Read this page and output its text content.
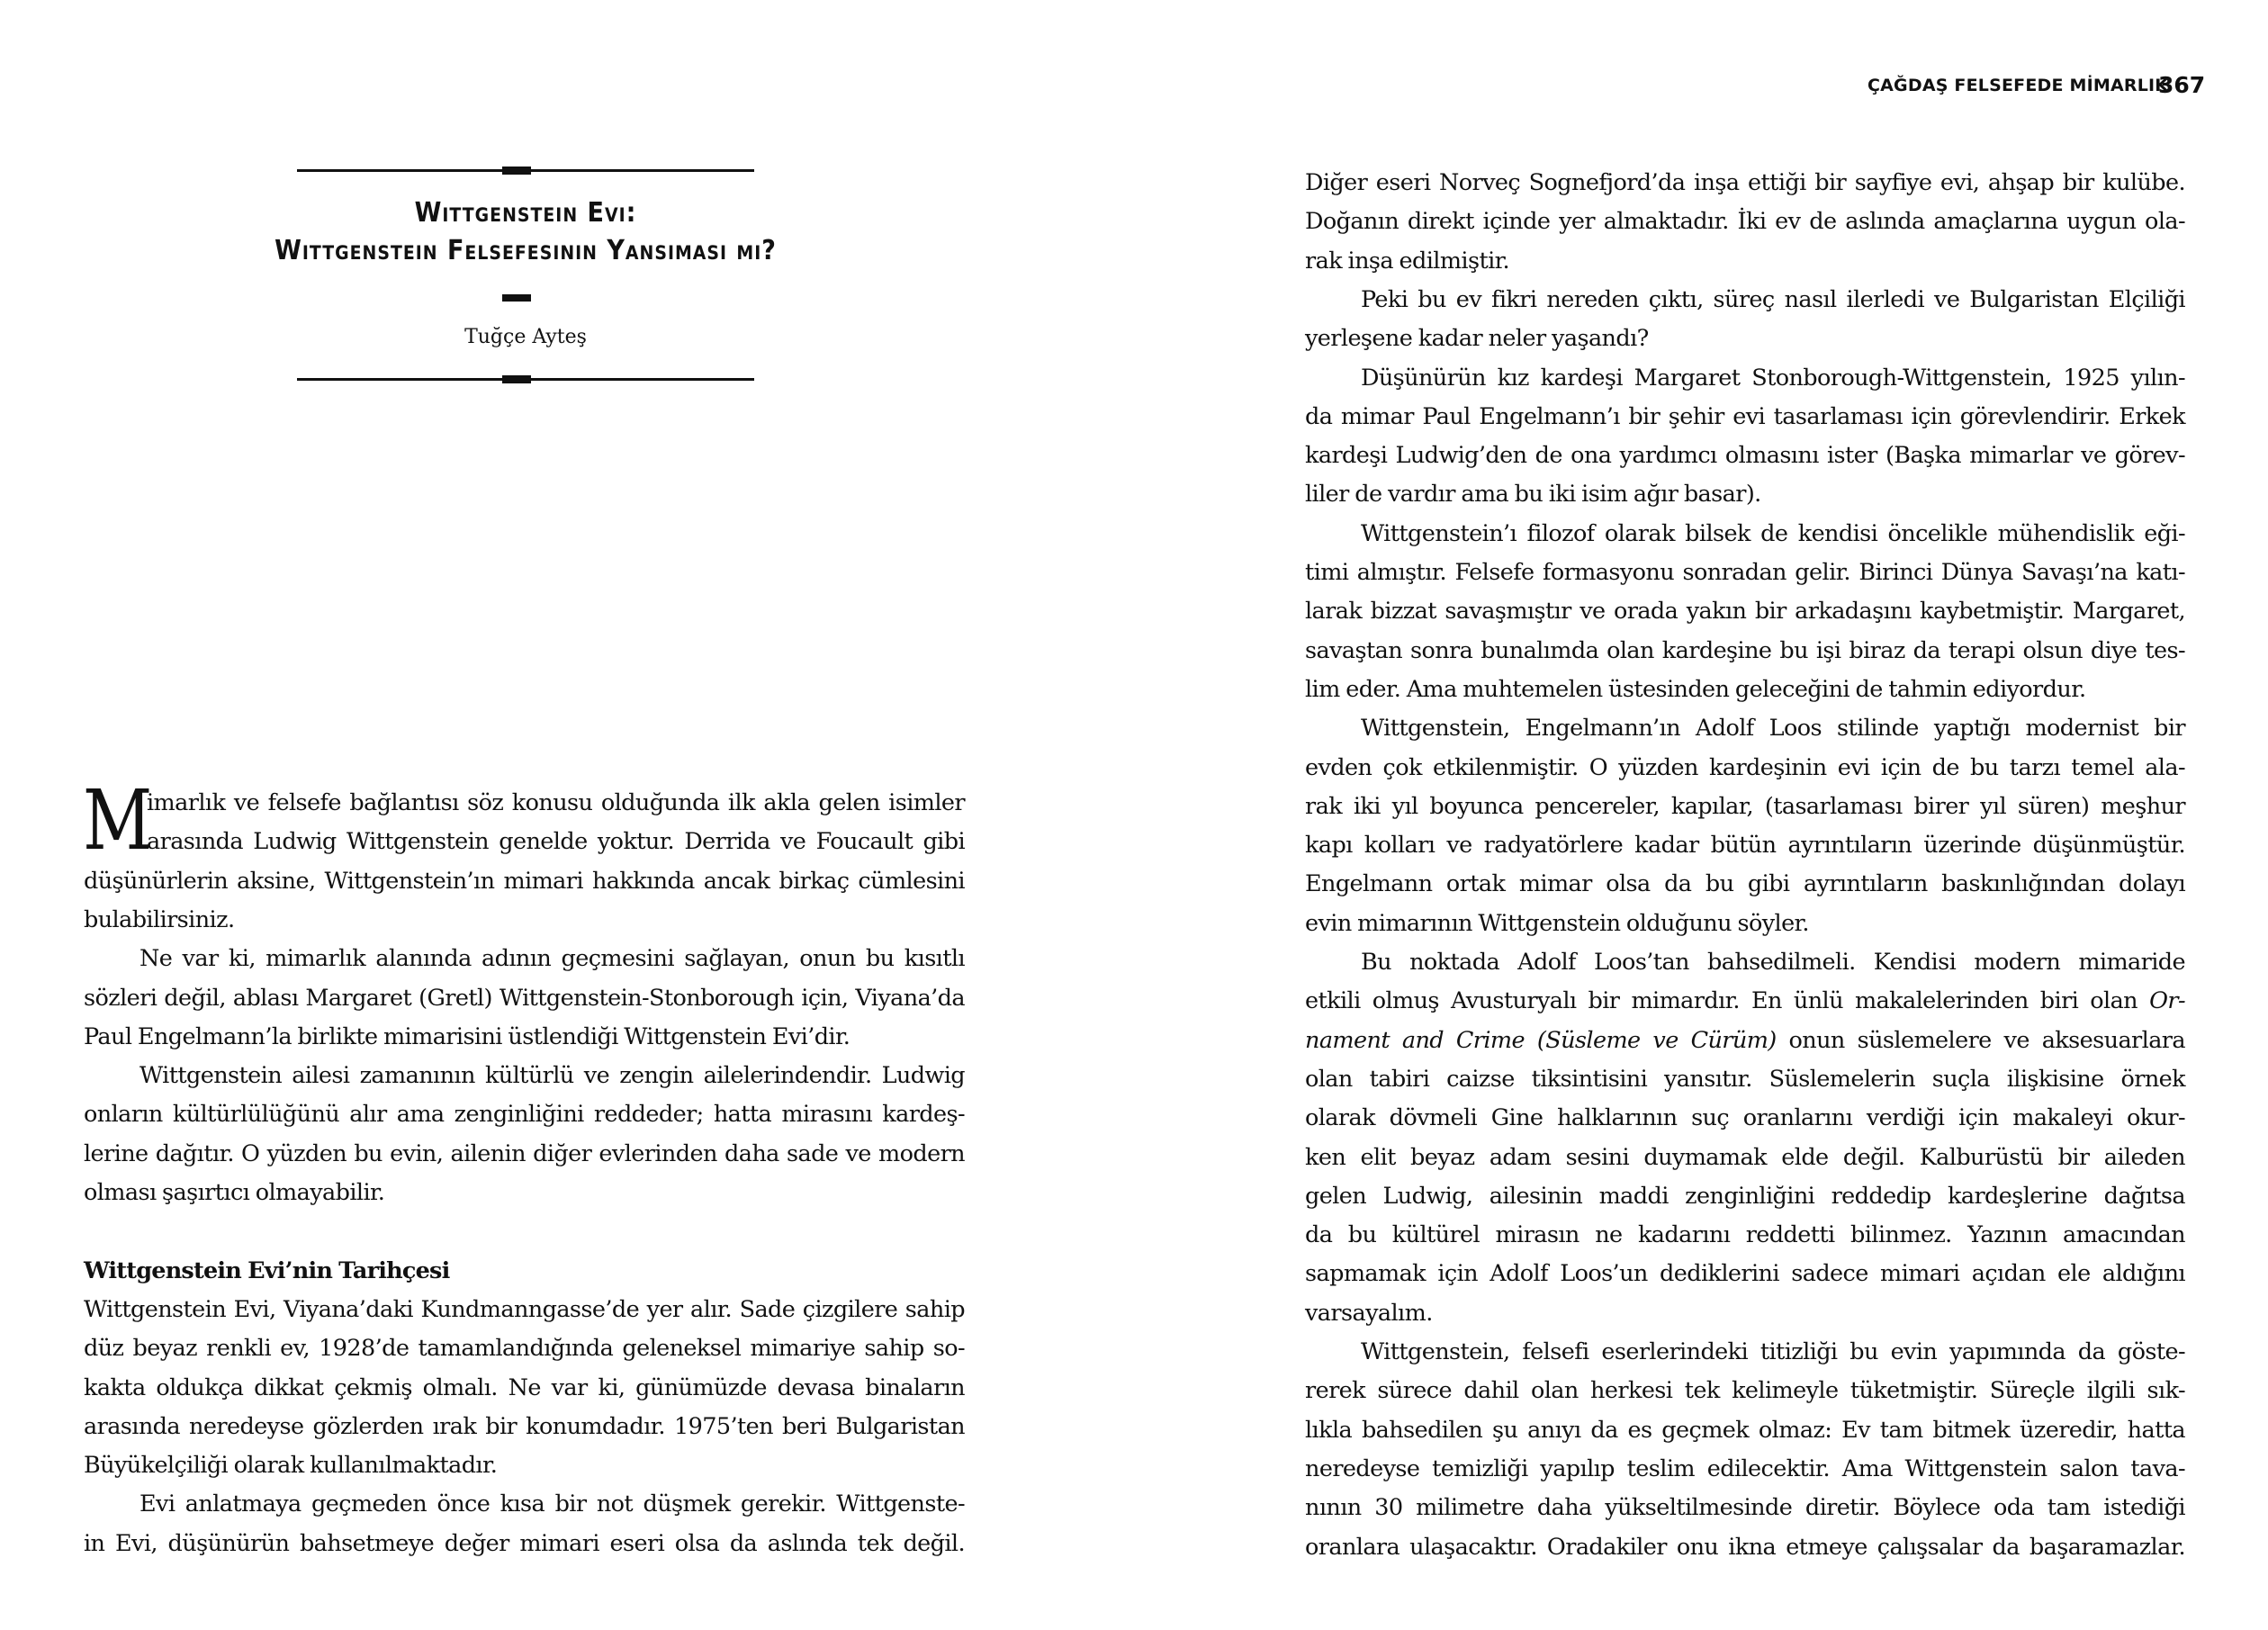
Wittgenstein Evi:
Wittgenstein Felsefesinin Yansıması mı?
Tuğçe Ayteş
M
imarlık ve felsefe bağlantısı söz konusu olduğunda ilk akla gelen isimler
arasında Ludwig Wittgenstein genelde yoktur. Derrida ve Foucault gibi
düşünürlerin aksine, Wittgenstein’ın mimari hakkında ancak birkaç cümlesini
bulabilirsiniz.
Ne var ki, mimarlık alanında adının geçmesini sağlayan, onun bu kısıtlı
sözleri değil, ablası Margaret (Gretl) Wittgenstein-Stonborough için, Viyana’da
Paul Engelmann’la birlikte mimarisini üstlendiği Wittgenstein Evi’dir.
Wittgenstein ailesi zamanının kültürlü ve zengin ailelerindendir. Ludwig
onların kültürlülüğünü alır ama zenginliğini reddeder; hatta mirasını kardeş-
lerine dağıtır. O yüzden bu evin, ailenin diğer evlerinden daha sade ve modern
olması şaşırtıcı olmayabilir.
Wittgenstein Evi’nin Tarihçesi
Wittgenstein Evi, Viyana’daki Kundmanngasse’de yer alır. Sade çizgilere sahip
düz beyaz renkli ev, 1928’de tamamlandığında geleneksel mimariye sahip so-
kakta oldukça dikkat çekmiş olmalı. Ne var ki, günümüzde devasa binaların
arasında neredeyse gözlerden ırak bir konumdadır. 1975’ten beri Bulgaristan
Büyükelçiliği olarak kullanılmaktadır.
Evi anlatmaya geçmeden önce kısa bir not düşmek gerekir. Wittgenste-
in Evi, düşünürün bahsetmeye değer mimari eseri olsa da aslında tek değil.
ÇAĞDAŞ FELSEFEDE MİMARLIK
367
Diğer eseri Norveç Sognefjord’da inşa ettiği bir sayfiye evi, ahşap bir kulübe.
Doğanın direkt içinde yer almaktadır. İki ev de aslında amaçlarına uygun ola-
rak inşa edilmiştir.
Peki bu ev fikri nereden çıktı, süreç nasıl ilerledi ve Bulgaristan Elçiliği
yerleşene kadar neler yaşandı?
Düşünürün kız kardeşi Margaret Stonborough-Wittgenstein, 1925 yılın-
da mimar Paul Engelmann’ı bir şehir evi tasarlaması için görevlendirir. Erkek
kardeşi Ludwig’den de ona yardımcı olmasını ister (Başka mimarlar ve görev-
liler de vardır ama bu iki isim ağır basar).
Wittgenstein’ı filozof olarak bilsek de kendisi öncelikle mühendislik eği-
timi almıştır. Felsefe formasyonu sonradan gelir. Birinci Dünya Savaşı’na katı-
larak bizzat savaşmıştır ve orada yakın bir arkadaşını kaybetmiştir. Margaret,
savaştan sonra bunalımda olan kardeşine bu işi biraz da terapi olsun diye tes-
lim eder. Ama muhtemelen üstesinden geleceğini de tahmin ediyordur.
Wittgenstein, Engelmann’ın Adolf Loos stilinde yaptığı modernist bir
evden çok etkilenmiştir. O yüzden kardeşinin evi için de bu tarzı temel ala-
rak iki yıl boyunca pencereler, kapılar, (tasarlaması birer yıl süren) meşhur
kapı kolları ve radyatörlere kadar bütün ayrıntıların üzerinde düşünmüştür.
Engelmann ortak mimar olsa da bu gibi ayrıntıların baskınlığından dolayı
evin mimarının Wittgenstein olduğunu söyler.
Bu noktada Adolf Loos’tan bahsedilmeli. Kendisi modern mimaride
etkili olmuş Avusturyalı bir mimardır. En ünlü makalelerinden biri olan Or-
nament and Crime (Süsleme ve Cürüm) onun süslemelere ve aksesuarlara
olan tabiri caizse tiksintisini yansıtır. Süslemelerin suçla ilişkisine örnek
olarak dövmeli Gine halklarının suç oranlarını verdiği için makaleyi okur-
ken elit beyaz adam sesini duymamak elde değil. Kalburüstü bir aileden
gelen Ludwig, ailesinin maddi zenginliğini reddedip kardeşlerine dağıtsa
da bu kültürel mirasın ne kadarını reddetti bilinmez. Yazının amacından
sapmamak için Adolf Loos’un dediklerini sadece mimari açıdan ele aldığını
varsayalım.
Wittgenstein, felsefi eserlerindeki titizliği bu evin yapımında da göste-
rerek sürece dahil olan herkesi tek kelimeyle tüketmiştir. Süreçle ilgili sık-
lıkla bahsedilen şu anıyı da es geçmek olmaz: Ev tam bitmek üzeredir, hatta
neredeyse temizliği yapılıp teslim edilecektir. Ama Wittgenstein salon tava-
nının 30 milimetre daha yükseltilmesinde diretir. Böylece oda tam istediği
oranlara ulaşacaktır. Oradakiler onu ikna etmeye çalışsalar da başaramazlar.
